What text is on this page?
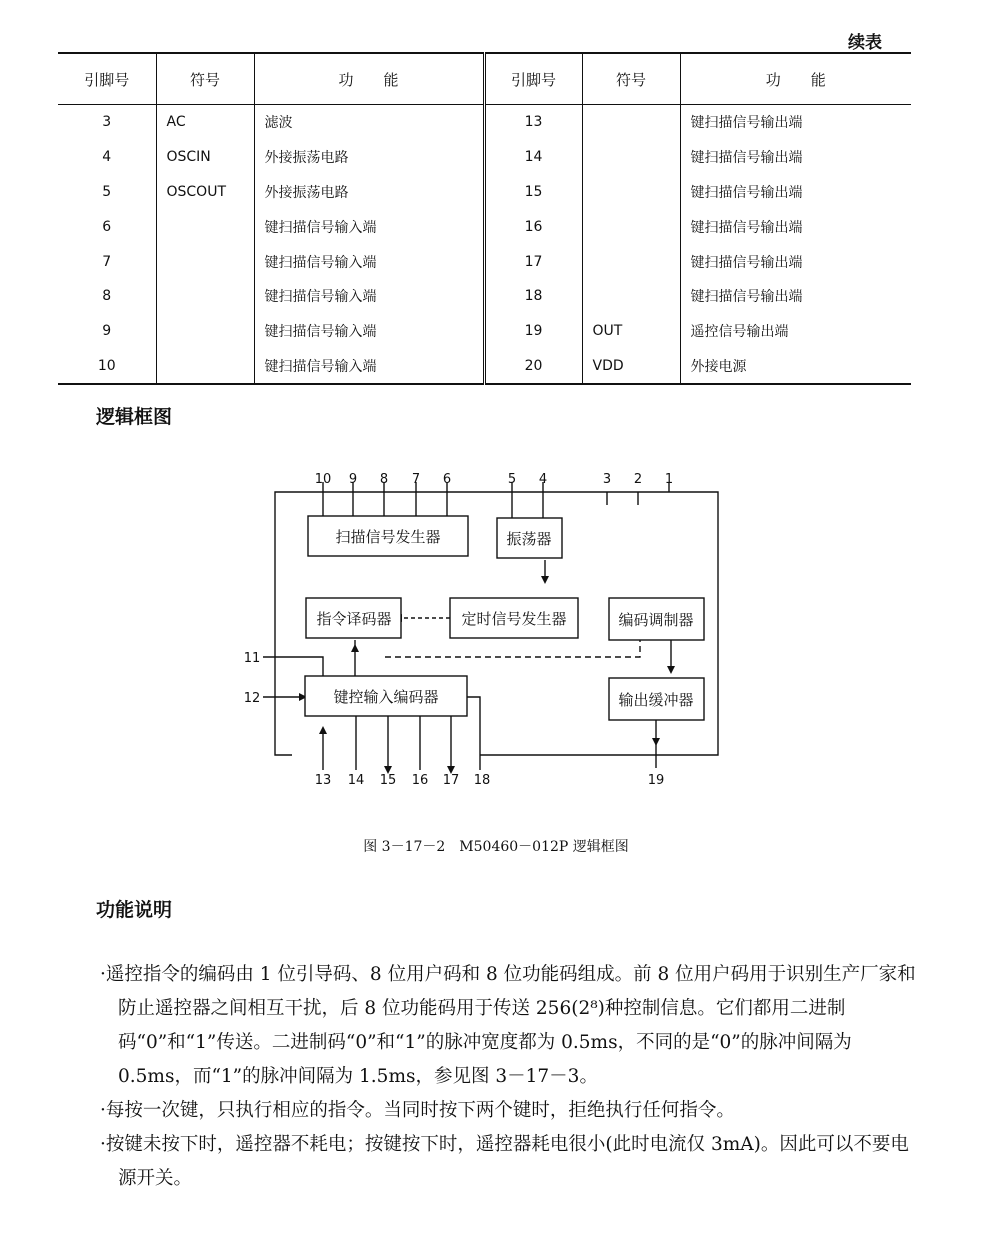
续表
引脚号	符号	功　　能	引脚号	符号	功　　能
3	AC	滤波	13		键扫描信号输出端
4	OSCIN	外接振荡电路	14		键扫描信号输出端
5	OSCOUT	外接振荡电路	15		键扫描信号输出端
6		键扫描信号输入端	16		键扫描信号输出端
7		键扫描信号输入端	17		键扫描信号输出端
8		键扫描信号输入端	18		键扫描信号输出端
9		键扫描信号输入端	19	OUT	遥控信号输出端
10		键扫描信号输入端	20	VDD	外接电源
逻辑框图
扫描信号发生器	振荡器
指令译码器	定时信号发生器	编码调制器
键控输入编码器	输出缓冲器
10 9 8 7 6	5 4	3 2 1
11
12
13 14 15 16 17 18	19
图 3－17－2　M50460－012P 逻辑框图
功能说明

·遥控指令的编码由 1 位引导码、8 位用户码和 8 位功能码组成。前 8 位用户码用于识别生产厂家和防止遥控器之间相互干扰，后 8 位功能码用于传送 256(2⁸)种控制信息。它们都用二进制码“0”和“1”传送。二进制码“0”和“1”的脉冲宽度都为 0.5ms，不同的是“0”的脉冲间隔为 0.5ms，而“1”的脉冲间隔为 1.5ms，参见图 3－17－3。

·每按一次键，只执行相应的指令。当同时按下两个键时，拒绝执行任何指令。

·按键未按下时，遥控器不耗电；按键按下时，遥控器耗电很小(此时电流仅 3mA)。因此可以不要电源开关。
